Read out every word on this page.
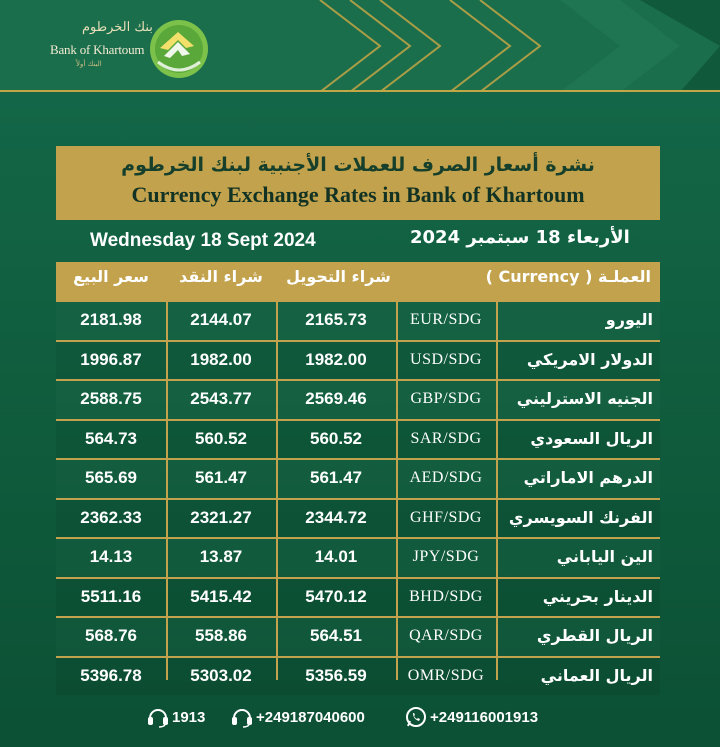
بنك الخرطوم
Bank of Khartoum
البنك أولاً
نشرة أسعار الصرف للعملات الأجنبية لبنك الخرطوم
Currency Exchange Rates in Bank of Khartoum
Wednesday 18 Sept 2024	الأربعاء 18 سبتمبر 2024
سعر البيع	شراء النقد	شراء التحويل	العملـة ( Currency )
2181.98	2144.07	2165.73	EUR/SDG	اليورو
1996.87	1982.00	1982.00	USD/SDG	الدولار الامريكي
2588.75	2543.77	2569.46	GBP/SDG	الجنيه الاسترليني
564.73	560.52	560.52	SAR/SDG	الريال السعودي
565.69	561.47	561.47	AED/SDG	الدرهم الاماراتي
2362.33	2321.27	2344.72	GHF/SDG	الفرنك السويسري
14.13	13.87	14.01	JPY/SDG	الين الياباني
5511.16	5415.42	5470.12	BHD/SDG	الدينار بحريني
568.76	558.86	564.51	QAR/SDG	الريال القطري
5396.78	5303.02	5356.59	OMR/SDG	الريال العماني
1913	+249187040600	+249116001913
